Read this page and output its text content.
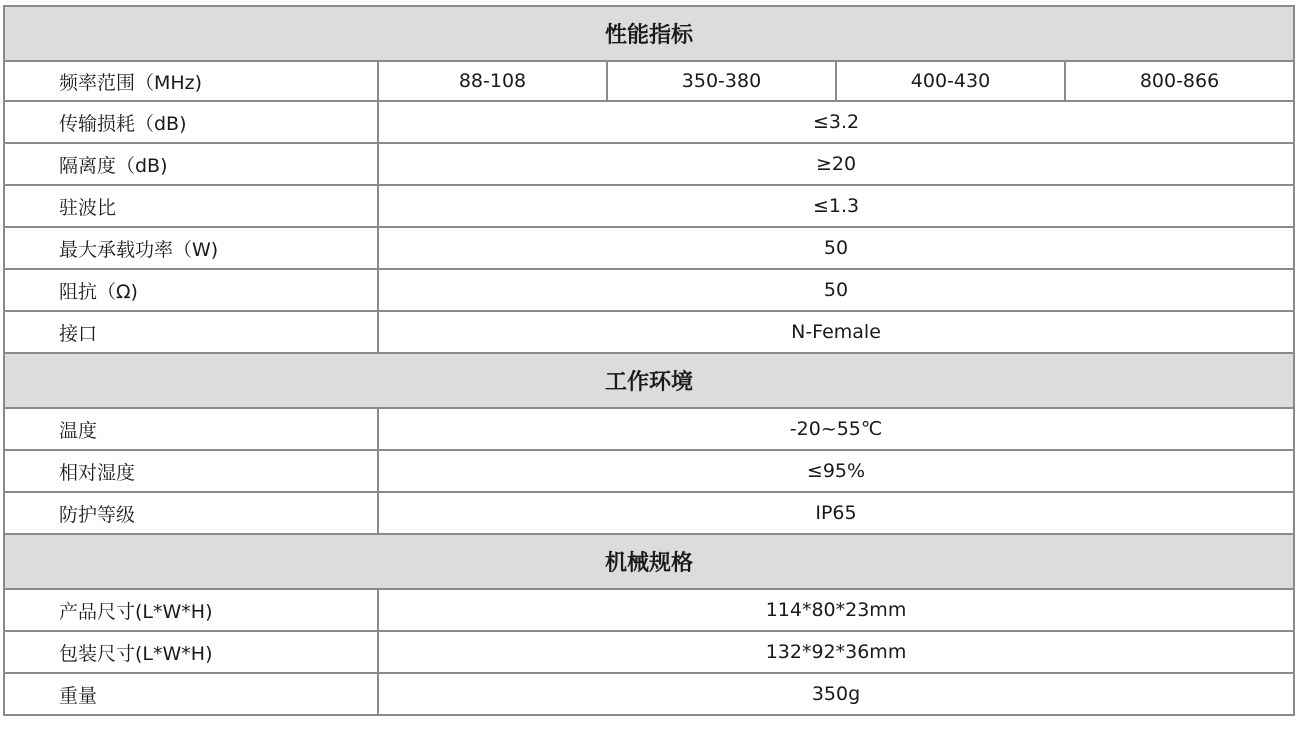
性能指标				
频率范围（MHz)	88-108	350-380	400-430	800-866
传输损耗（dB)	≤3.2			
隔离度（dB)	≥20			
驻波比	≤1.3			
最大承载功率（W)	50			
阻抗（Ω)	50			
接口	N-Female			
工作环境				
温度	-20~55℃			
相对湿度	≤95%			
防护等级	IP65			
机械规格				
产品尺寸(L*W*H)	114*80*23mm			
包装尺寸(L*W*H)	132*92*36mm			
重量	350g			
